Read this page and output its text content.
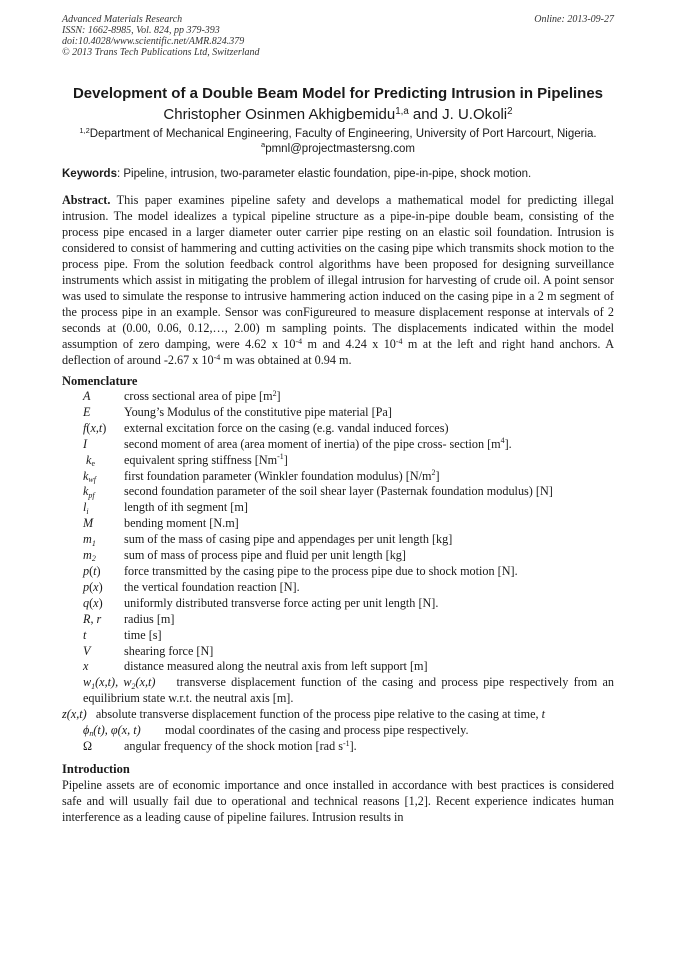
Advanced Materials Research
ISSN: 1662-8985, Vol. 824, pp 379-393
doi:10.4028/www.scientific.net/AMR.824.379
© 2013 Trans Tech Publications Ltd, Switzerland
Online: 2013-09-27
Development of a Double Beam Model for Predicting Intrusion in Pipelines
Christopher Osinmen Akhigbemidu$^{1,a}$ and J. U.Okoli$^2$
$^{1,2}$Department of Mechanical Engineering, Faculty of Engineering, University of Port Harcourt, Nigeria.
$^a$pmnl@projectmastersng.com
Keywords: Pipeline, intrusion, two-parameter elastic foundation, pipe-in-pipe, shock motion.
Abstract. This paper examines pipeline safety and develops a mathematical model for predicting illegal intrusion. The model idealizes a typical pipeline structure as a pipe-in-pipe double beam, consisting of the process pipe encased in a larger diameter outer carrier pipe resting on an elastic soil foundation. Intrusion is considered to consist of hammering and cutting activities on the casing pipe which transmits shock motion to the process pipe. From the solution feedback control algorithms have been proposed for designing surveillance instruments which assist in mitigating the problem of illegal intrusion for harvesting of crude oil. A point sensor was used to simulate the response to intrusive hammering action induced on the casing pipe in a 2 m segment of the process pipe in an example. Sensor was conFigureured to measure displacement response at intervals of 2 seconds at (0.00, 0.06, 0.12,…, 2.00) m sampling points. The displacements indicated within the model assumption of zero damping, were 4.62 x $10^{-4}$ m and 4.24 x $10^{-4}$ m at the left and right hand anchors. A deflection of around -2.67 x $10^{-4}$ m was obtained at 0.94 m.
Nomenclature
A	cross sectional area of pipe $[m^2]$
E	Young’s Modulus of the constitutive pipe material [Pa]
f(x,t) external excitation force on the casing (e.g. vandal induced forces)
I	second moment of area (area moment of inertia) of the pipe cross- section $[m^4]$.
$k_e$ equivalent spring stiffness $[Nm^{-1}]$
$k_{wf}$ first foundation parameter (Winkler foundation modulus) $[N/m^2]$
$k_{pf}$ second foundation parameter of the soil shear layer (Pasternak foundation modulus) [N]
$l_i$	length of ith segment [m]
M	bending moment [N.m]
$m_1$ sum of the mass of casing pipe and appendages per unit length [kg]
$m_2$ sum of mass of process pipe and fluid per unit length [kg]
p(t) force transmitted by the casing pipe to the process pipe due to shock motion [N].
p(x) the vertical foundation reaction [N].
q(x) uniformly distributed transverse force acting per unit length [N].
R, r radius [m]
t	time [s]
V	shearing force [N]
x	distance measured along the neutral axis from left support [m]
$w_1(x,t)$, $w_2(x,t)$ transverse displacement function of the casing and process pipe respectively from an equilibrium state w.r.t. the neutral axis [m].
z(x,t) absolute transverse displacement function of the process pipe relative to the casing at time, t
$\phi_n(t)$, φ(x, t) modal coordinates of the casing and process pipe respectively.
Ω	angular frequency of the shock motion [rad $s^{-1}$].
Introduction
Pipeline assets are of economic importance and once installed in accordance with best practices is considered safe and will usually fail due to operational and technical reasons [1,2]. Recent experience indicates human interference as a leading cause of pipeline failures. Intrusion results in
